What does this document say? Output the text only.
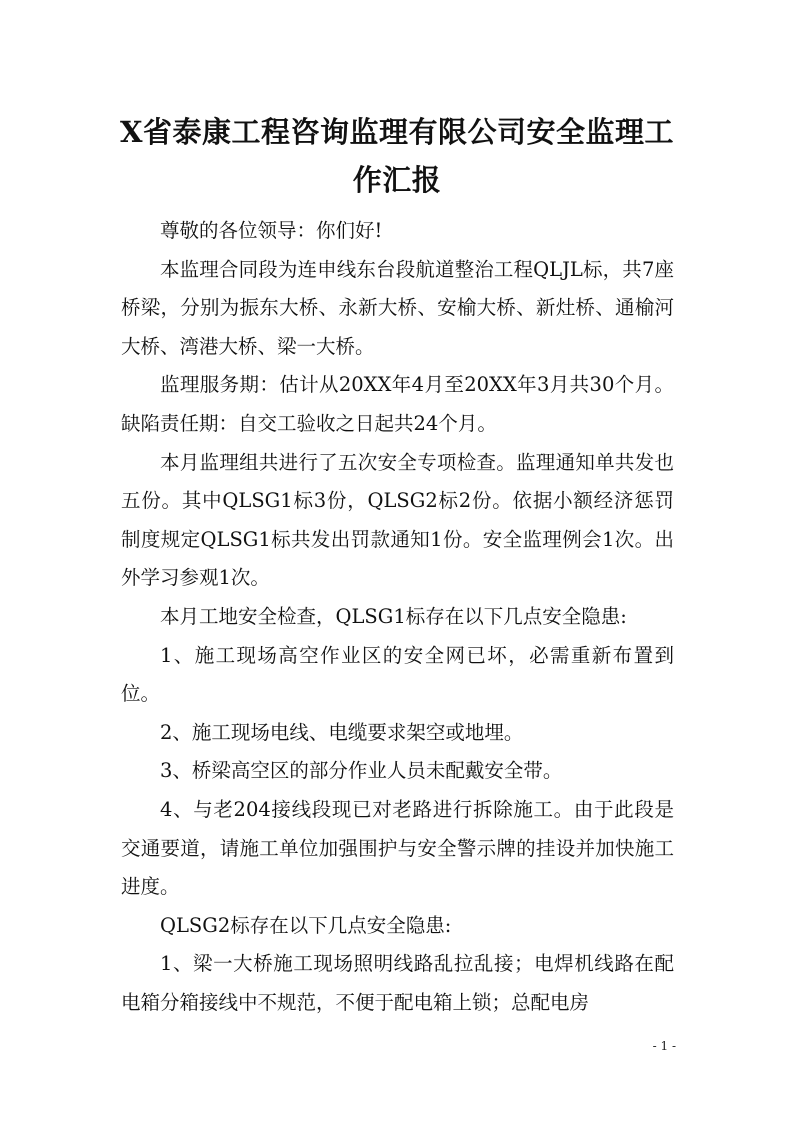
X省泰康工程咨询监理有限公司安全监理工
作汇报

尊敬的各位领导：你们好!

本监理合同段为连申线东台段航道整治工程QLJL标，共7座桥梁，分别为振东大桥、永新大桥、安榆大桥、新灶桥、通榆河大桥、湾港大桥、梁一大桥。

监理服务期：估计从20XX年4月至20XX年3月共30个月。缺陷责任期：自交工验收之日起共24个月。

本月监理组共进行了五次安全专项检查。监理通知单共发也五份。其中QLSG1标3份，QLSG2标2份。依据小额经济惩罚制度规定QLSG1标共发出罚款通知1份。安全监理例会1次。出外学习参观1次。

本月工地安全检查，QLSG1标存在以下几点安全隐患:

1、施工现场高空作业区的安全网已坏，必需重新布置到位。

2、施工现场电线、电缆要求架空或地埋。

3、桥梁高空区的部分作业人员未配戴安全带。

4、与老204接线段现已对老路进行拆除施工。由于此段是交通要道，请施工单位加强围护与安全警示牌的挂设并加快施工进度。

QLSG2标存在以下几点安全隐患:

1、梁一大桥施工现场照明线路乱拉乱接；电焊机线路在配电箱分箱接线中不规范，不便于配电箱上锁；总配电房

- 1 -
